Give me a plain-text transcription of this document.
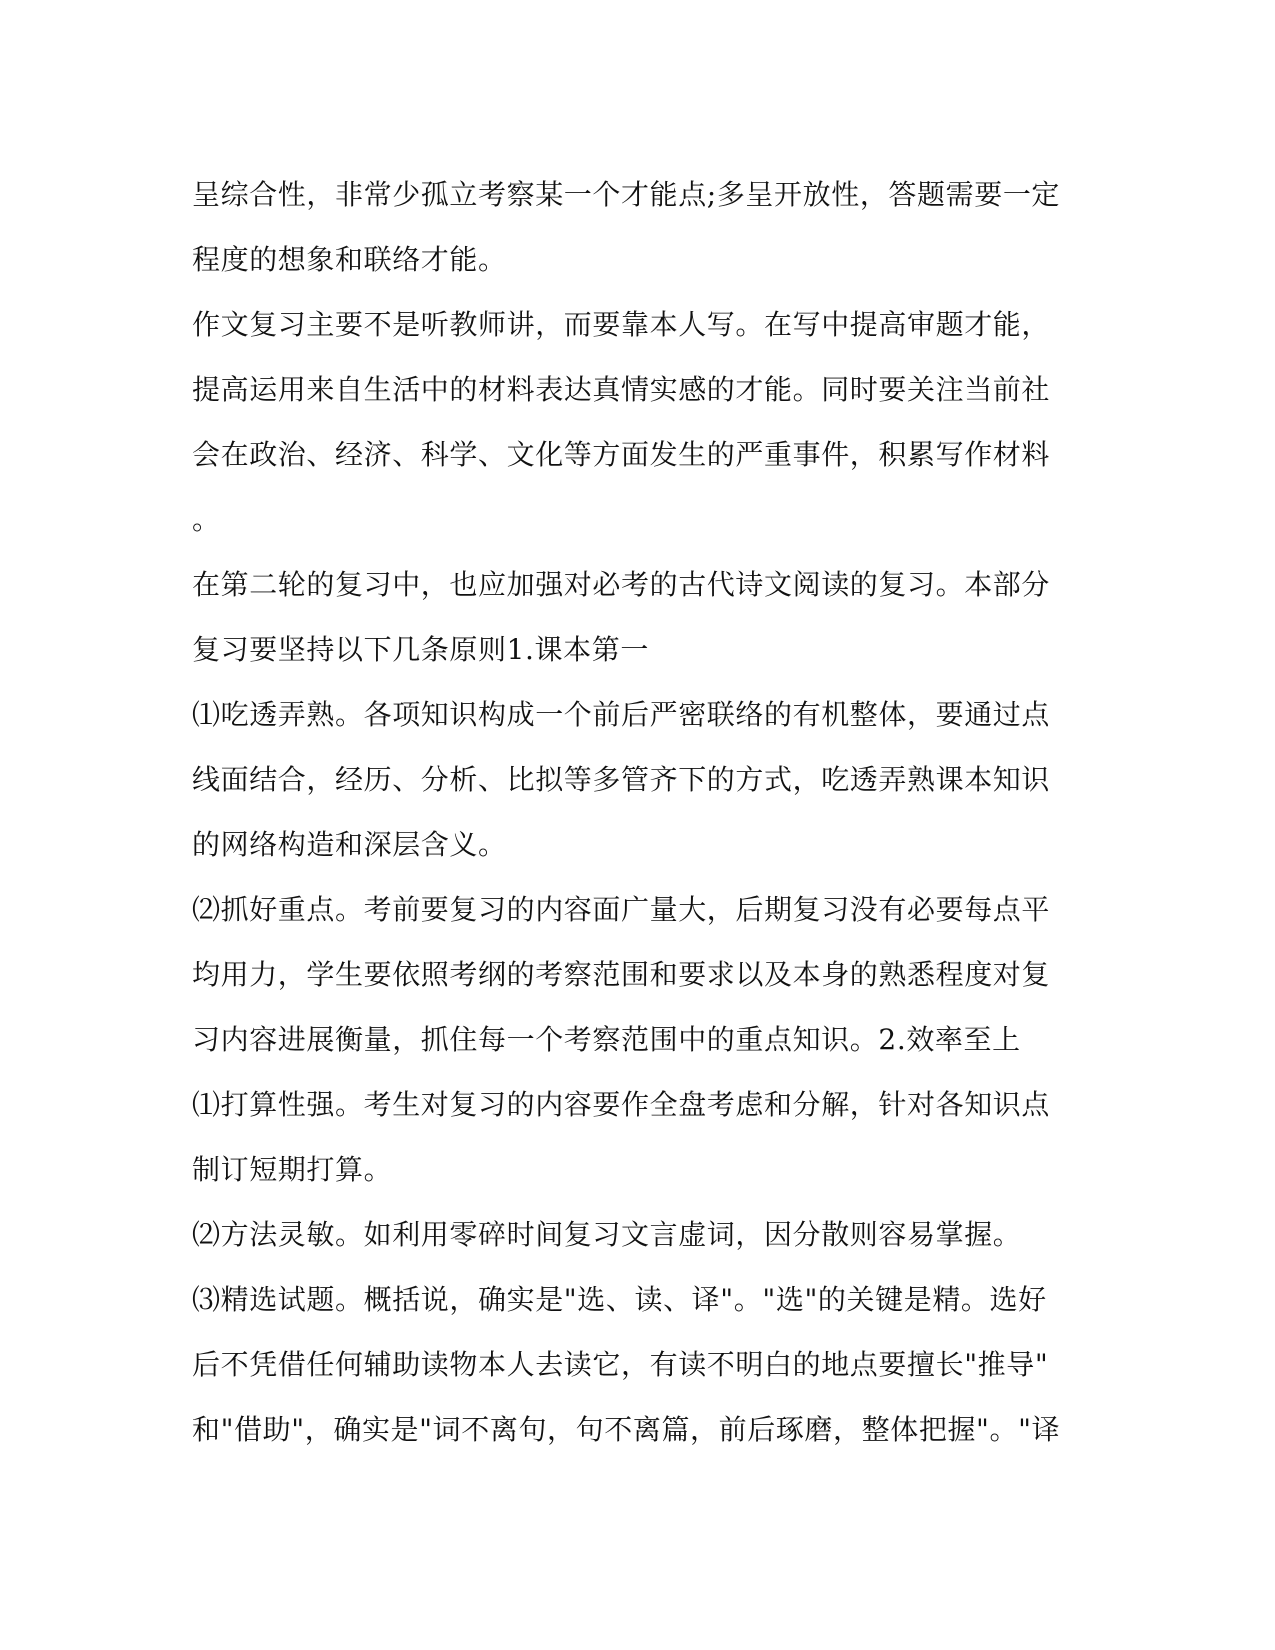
呈综合性，非常少孤立考察某一个才能点;多呈开放性，答题需要一定
程度的想象和联络才能。
作文复习主要不是听教师讲，而要靠本人写。在写中提高审题才能，
提高运用来自生活中的材料表达真情实感的才能。同时要关注当前社
会在政治、经济、科学、文化等方面发生的严重事件，积累写作材料
。
在第二轮的复习中，也应加强对必考的古代诗文阅读的复习。本部分
复习要坚持以下几条原则1.课本第一
⑴吃透弄熟。各项知识构成一个前后严密联络的有机整体，要通过点
线面结合，经历、分析、比拟等多管齐下的方式，吃透弄熟课本知识
的网络构造和深层含义。
⑵抓好重点。考前要复习的内容面广量大，后期复习没有必要每点平
均用力，学生要依照考纲的考察范围和要求以及本身的熟悉程度对复
习内容进展衡量，抓住每一个考察范围中的重点知识。2.效率至上
⑴打算性强。考生对复习的内容要作全盘考虑和分解，针对各知识点
制订短期打算。
⑵方法灵敏。如利用零碎时间复习文言虚词，因分散则容易掌握。
⑶精选试题。概括说，确实是"选、读、译"。"选"的关键是精。选好
后不凭借任何辅助读物本人去读它，有读不明白的地点要擅长"推导"
和"借助"，确实是"词不离句，句不离篇，前后琢磨，整体把握"。"译
